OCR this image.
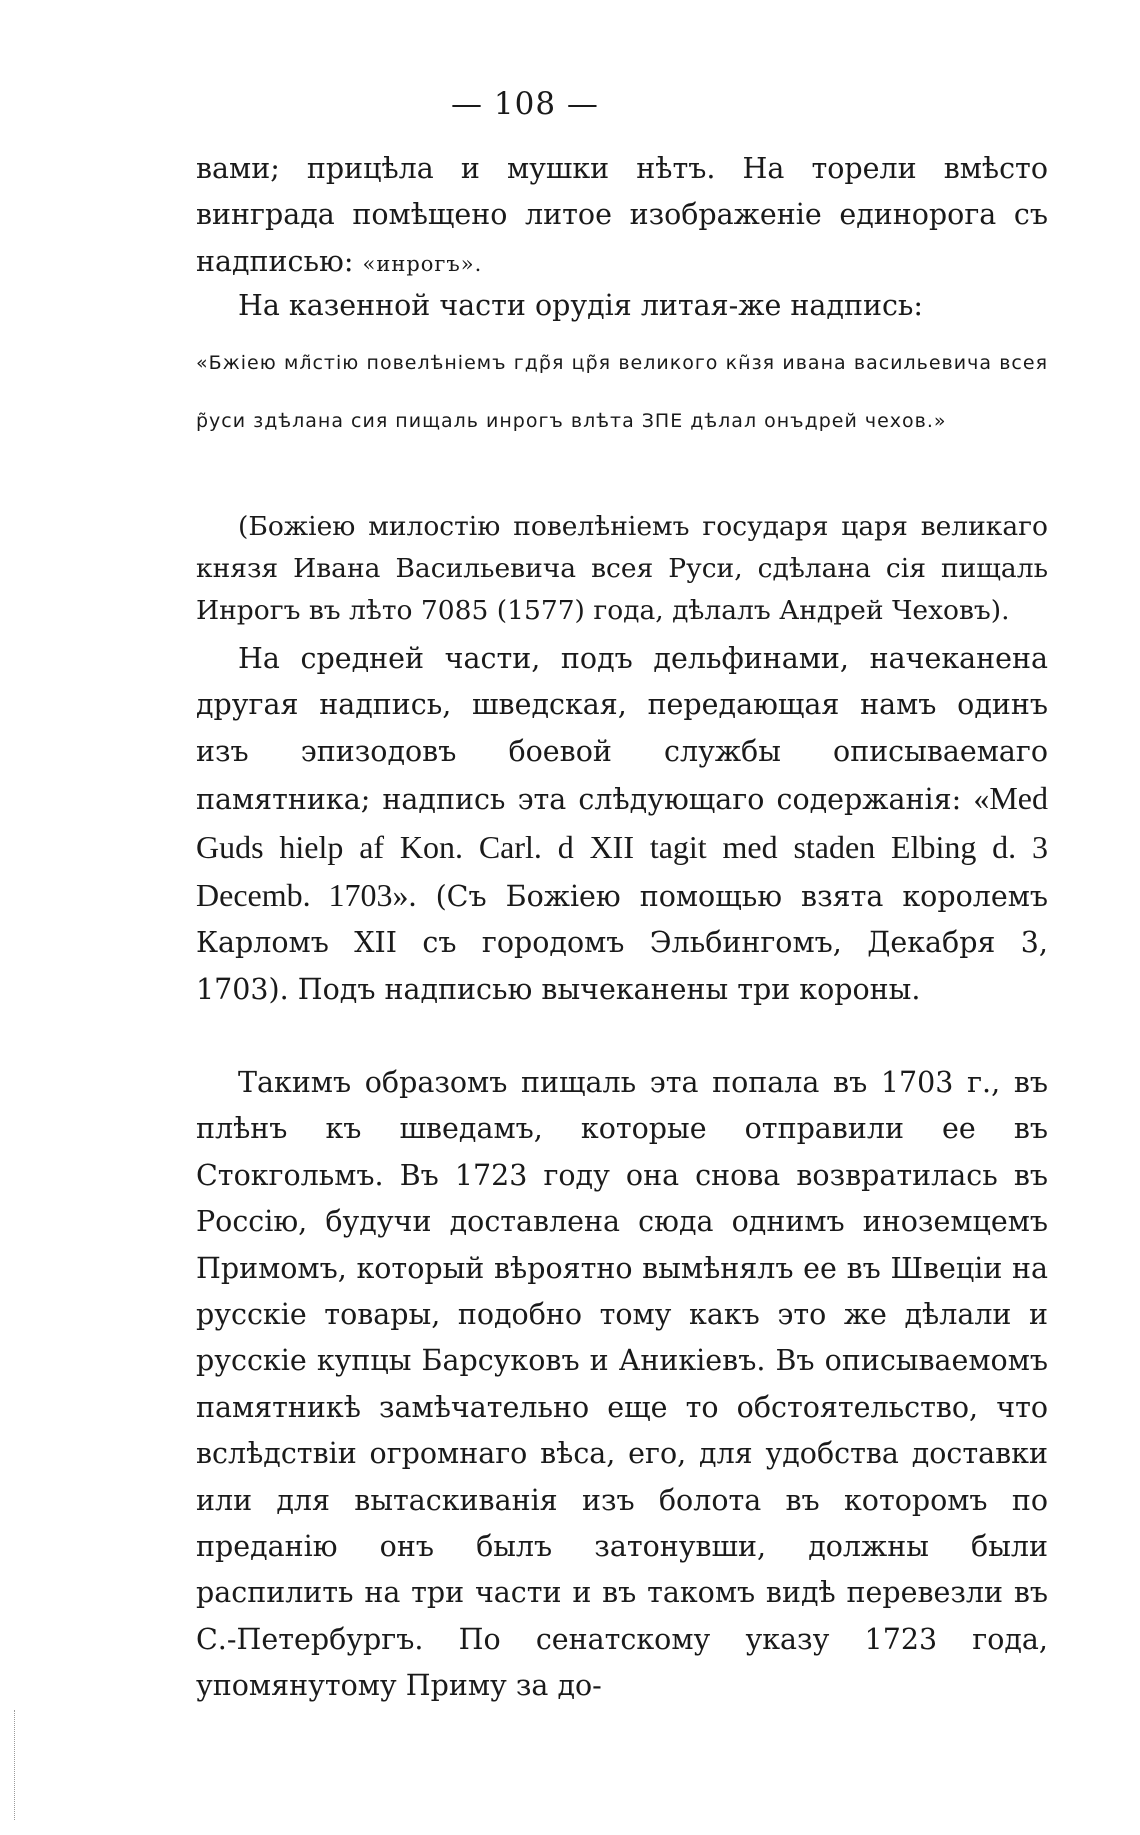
— 108 —

вами; прицѣла и мушки нѣтъ. На торели вмѣсто винграда помѣщено литое изображеніе единорога съ надписью: «инрогъ».

На казенной части орудія литая-же надпись:

«Бжіею мл̃стію повелѣніемъ гдр̃я цр̃я великого кн̃зя ивана васильевича всея р̃уси здѣлана сия пищаль инрогъ влѣта ЗПЕ дѣлал онъдрей чехов.»

(Божіею милостію повелѣніемъ государя царя великаго князя Ивана Васильевича всея Руси, сдѣлана сія пищаль Инрогъ въ лѣто 7085 (1577) года, дѣлалъ Андрей Чеховъ).

На средней части, подъ дельфинами, начеканена другая надпись, шведская, передающая намъ одинъ изъ эпизодовъ боевой службы описываемаго памятника; надпись эта слѣдующаго содержанія: «Med Guds hielp af Kon. Carl. d XII tagit med staden Elbing d. 3 Decemb. 1703». (Съ Божіею помощью взята королемъ Карломъ XII съ городомъ Эльбингомъ, Декабря 3, 1703). Подъ надписью вычеканены три короны.

Такимъ образомъ пищаль эта попала въ 1703 г., въ плѣнъ къ шведамъ, которые отправили ее въ Стокгольмъ. Въ 1723 году она снова возвратилась въ Россію, будучи доставлена сюда однимъ иноземцемъ Примомъ, который вѣроятно вымѣнялъ ее въ Швеціи на русскіе товары, подобно тому какъ это же дѣлали и русскіе купцы Барсуковъ и Аникіевъ. Въ описываемомъ памятникѣ замѣчательно еще то обстоятельство, что вслѣдствіи огромнаго вѣса, его, для удобства доставки или для вытаскиванія изъ болота въ которомъ по преданію онъ былъ затонувши, должны были распилить на три части и въ такомъ видѣ перевезли въ С.-Петербургъ. По сенатскому указу 1723 года, упомянутому Приму за до-
